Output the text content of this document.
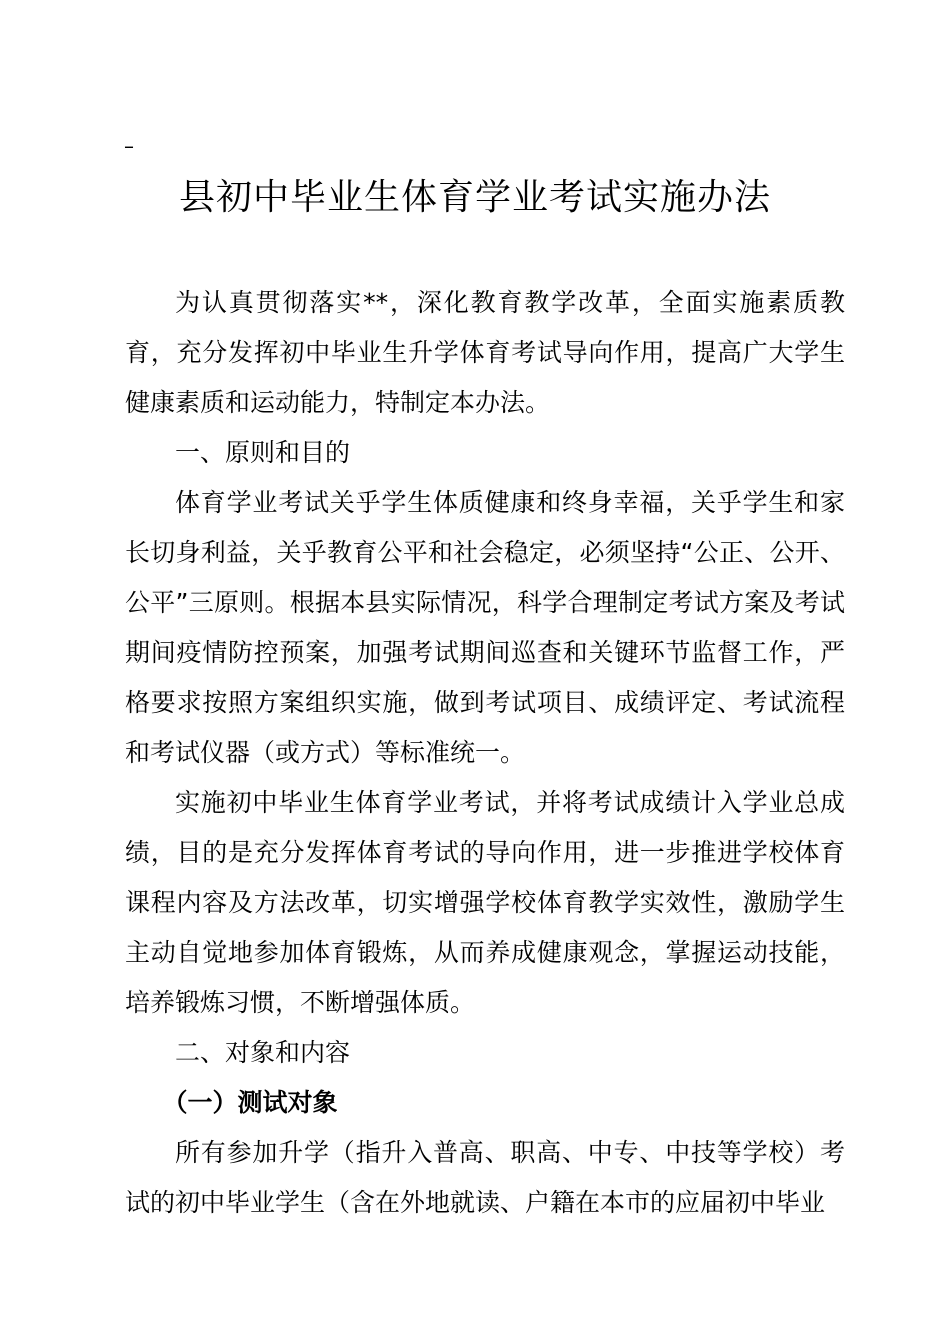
–
县初中毕业生体育学业考试实施办法

为认真贯彻落实**，深化教育教学改革，全面实施素质教育，充分发挥初中毕业生升学体育考试导向作用，提高广大学生健康素质和运动能力，特制定本办法。

一、原则和目的

体育学业考试关乎学生体质健康和终身幸福，关乎学生和家长切身利益，关乎教育公平和社会稳定，必须坚持“公正、公开、公平”三原则。根据本县实际情况，科学合理制定考试方案及考试期间疫情防控预案，加强考试期间巡查和关键环节监督工作，严格要求按照方案组织实施，做到考试项目、成绩评定、考试流程和考试仪器（或方式）等标准统一。

实施初中毕业生体育学业考试，并将考试成绩计入学业总成绩，目的是充分发挥体育考试的导向作用，进一步推进学校体育课程内容及方法改革，切实增强学校体育教学实效性，激励学生主动自觉地参加体育锻炼，从而养成健康观念，掌握运动技能，培养锻炼习惯，不断增强体质。

二、对象和内容

（一）测试对象

所有参加升学（指升入普高、职高、中专、中技等学校）考试的初中毕业学生（含在外地就读、户籍在本市的应届初中毕业
